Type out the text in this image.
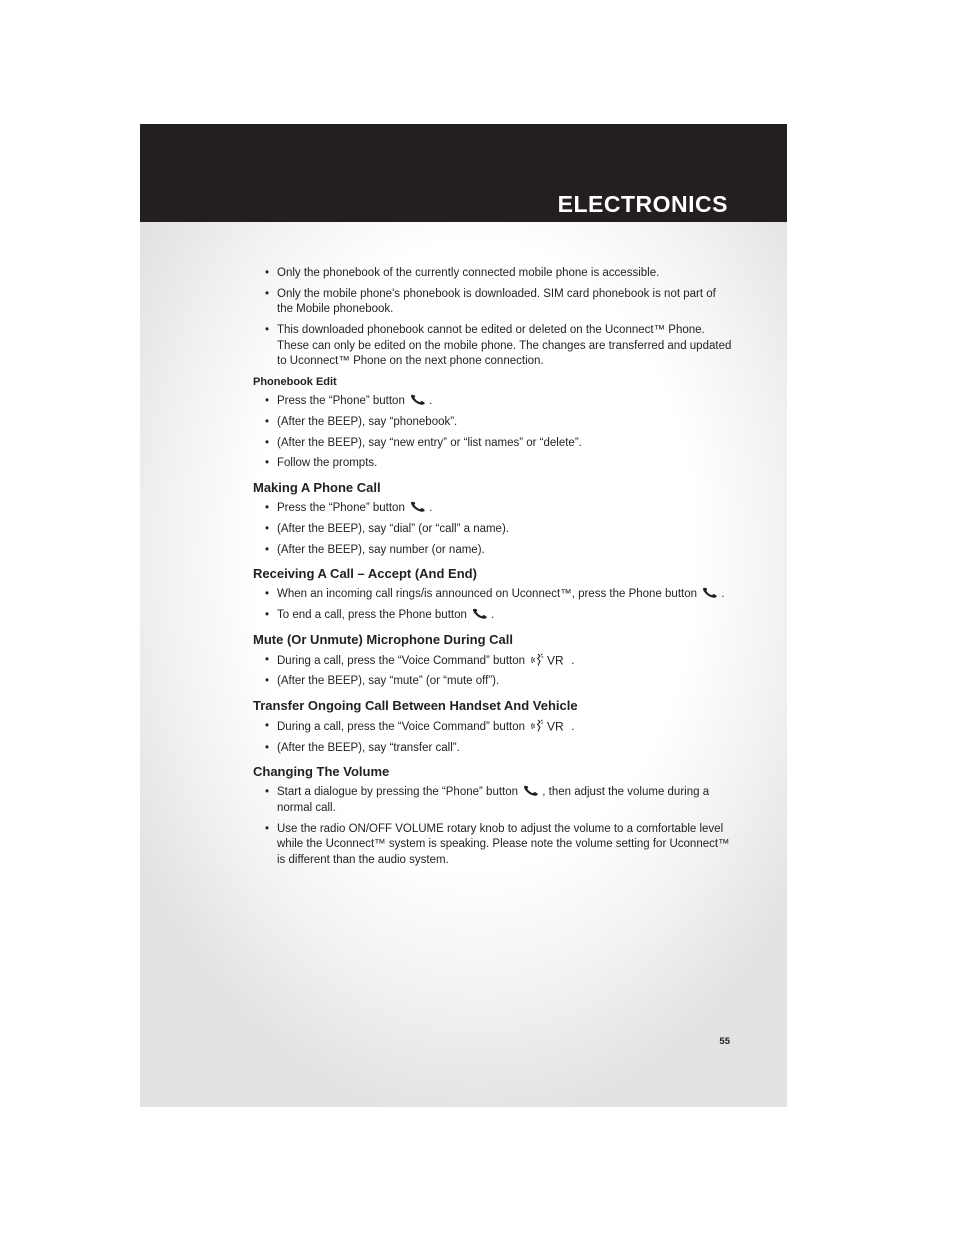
ELECTRONICS
• Only the phonebook of the currently connected mobile phone is accessible.
• Only the mobile phone's phonebook is downloaded. SIM card phonebook is not part of the Mobile phonebook.
• This downloaded phonebook cannot be edited or deleted on the Uconnect™ Phone. These can only be edited on the mobile phone. The changes are transferred and updated to Uconnect™ Phone on the next phone connection.
Phonebook Edit
• Press the “Phone” button .
• (After the BEEP), say “phonebook”.
• (After the BEEP), say “new entry” or “list names” or “delete”.
• Follow the prompts.
Making A Phone Call
• Press the “Phone” button .
• (After the BEEP), say “dial” (or “call” a name).
• (After the BEEP), say number (or name).
Receiving A Call – Accept (And End)
• When an incoming call rings/is announced on Uconnect™, press the Phone button .
• To end a call, press the Phone button .
Mute (Or Unmute) Microphone During Call
• During a call, press the “Voice Command” button VR .
• (After the BEEP), say “mute” (or “mute off”).
Transfer Ongoing Call Between Handset And Vehicle
• During a call, press the “Voice Command” button VR .
• (After the BEEP), say “transfer call”.
Changing The Volume
• Start a dialogue by pressing the “Phone” button , then adjust the volume during a normal call.
• Use the radio ON/OFF VOLUME rotary knob to adjust the volume to a comfortable level while the Uconnect™ system is speaking. Please note the volume setting for Uconnect™ is different than the audio system.
55
